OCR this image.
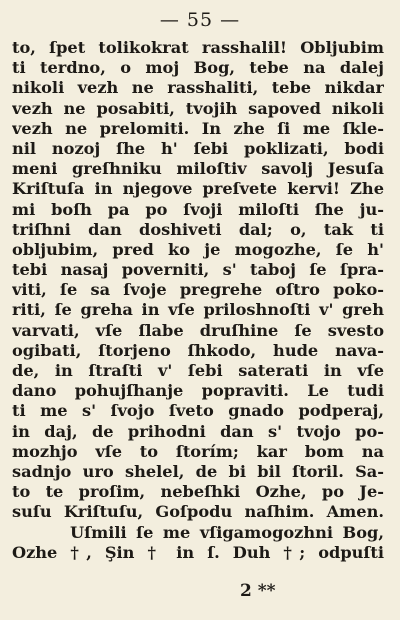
— 55 —
to, ſpet tolikokrat rasshalil! Obljubim
ti terdno, o moj Bog, tebe na dalej
nikoli vezh ne rasshaliti, tebe nikdar
vezh ne posabiti, tvojih sapoved nikoli
vezh ne prelomiti. In zhe ſi me ſkle-
nil nozoj ſhe h' ſebi poklizati, bodi
meni greſhniku miloſtiv savolj Jesuſa
Kriſtuſa in njegove preſvete kervi! Zhe
mi boſh pa po ſvoji miloſti ſhe ju-
triſhni dan doshiveti dal; o, tak ti
obljubim, pred ko je mogozhe, ſe h'
tebi nasaj poverniti, s' taboj ſe ſpra-
viti, ſe sa ſvoje pregrehe oſtro poko-
riti, ſe greha in vſe priloshnoſti v' greh
varvati, vſe ſlabe druſhine ſe svesto
ogibati, ſtorjeno ſhkodo, hude nava-
de, in ſtraſti v' ſebi saterati in vſe
dano pohujſhanje popraviti. Le tudi
ti me s' ſvojo ſveto gnado podperaj,
in daj, de prihodni dan s' tvojo po-
mozhjo vſe to ſtorím; kar bom na
sadnjo uro shelel, de bi bil ſtoril. Sa-
to te proſim, nebeſhki Ozhe, po Je-
suſu Kriſtuſu, Goſpodu naſhim. Amen.
Uſmili ſe me vſigamogozhni Bog,
Ozhe †, Şin † in ſ. Duh †; odpuſti
2 **
